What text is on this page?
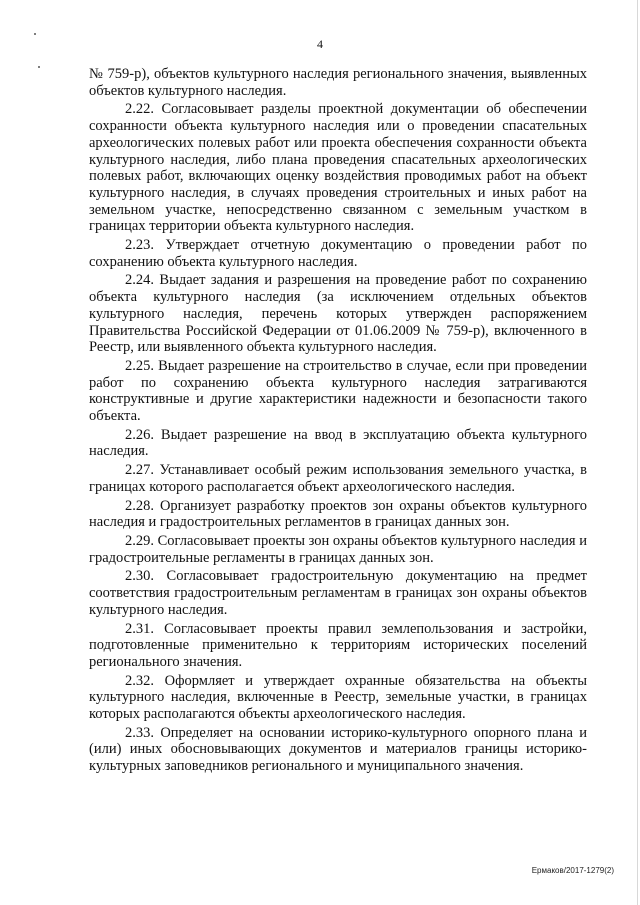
4

№ 759-р), объектов культурного наследия регионального значения, выявленных объектов культурного наследия.

2.22. Согласовывает разделы проектной документации об обеспечении сохранности объекта культурного наследия или о проведении спасательных археологических полевых работ или проекта обеспечения сохранности объекта культурного наследия, либо плана проведения спасательных археологических полевых работ, включающих оценку воздействия проводимых работ на объект культурного наследия, в случаях проведения строительных и иных работ на земельном участке, непосредственно связанном с земельным участком в границах территории объекта культурного наследия.

2.23. Утверждает отчетную документацию о проведении работ по сохранению объекта культурного наследия.

2.24. Выдает задания и разрешения на проведение работ по сохранению объекта культурного наследия (за исключением отдельных объектов культурного наследия, перечень которых утвержден распоряжением Правительства Российской Федерации от 01.06.2009 № 759-р), включенного в Реестр, или выявленного объекта культурного наследия.

2.25. Выдает разрешение на строительство в случае, если при проведении работ по сохранению объекта культурного наследия затрагиваются конструктивные и другие характеристики надежности и безопасности такого объекта.

2.26. Выдает разрешение на ввод в эксплуатацию объекта культурного наследия.

2.27. Устанавливает особый режим использования земельного участка, в границах которого располагается объект археологического наследия.

2.28. Организует разработку проектов зон охраны объектов культурного наследия и градостроительных регламентов в границах данных зон.

2.29. Согласовывает проекты зон охраны объектов культурного наследия и градостроительные регламенты в границах данных зон.

2.30. Согласовывает градостроительную документацию на предмет соответствия градостроительным регламентам в границах зон охраны объектов культурного наследия.

2.31. Согласовывает проекты правил землепользования и застройки, подготовленные применительно к территориям исторических поселений регионального значения.

2.32. Оформляет и утверждает охранные обязательства на объекты культурного наследия, включенные в Реестр, земельные участки, в границах которых располагаются объекты археологического наследия.

2.33. Определяет на основании историко-культурного опорного плана и (или) иных обосновывающих документов и материалов границы историко-культурных заповедников регионального и муниципального значения.

Ермаков/2017-1279(2)
